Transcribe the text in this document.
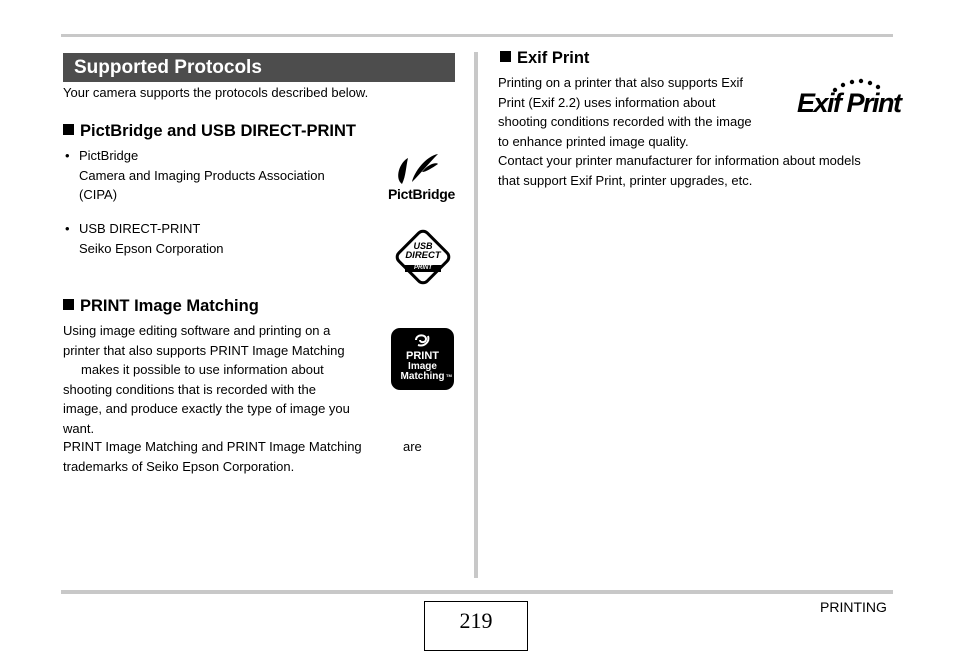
Supported Protocols
Your camera supports the protocols described below.
PictBridge and USB DIRECT-PRINT
• PictBridge
Camera and Imaging Products Association
(CIPA)	PictBridge
• USB DIRECT-PRINT
Seiko Epson Corporation	USB
DIRECT
PRINT
PRINT Image Matching
Using image editing software and printing on a
printer that also supports PRINT Image Matching
makes it possible to use information about
shooting conditions that is recorded with the
image, and produce exactly the type of image you
want.
PRINT Image Matching and PRINT Image Matching	are
trademarks of Seiko Epson Corporation.
PRINT
Image
Matching TM
Exif Print
Printing on a printer that also supports Exif
Print (Exif 2.2) uses information about
shooting conditions recorded with the image
to enhance printed image quality.
Contact your printer manufacturer for information about models
that support Exif Print, printer upgrades, etc.
Exif Print
219
PRINTING
